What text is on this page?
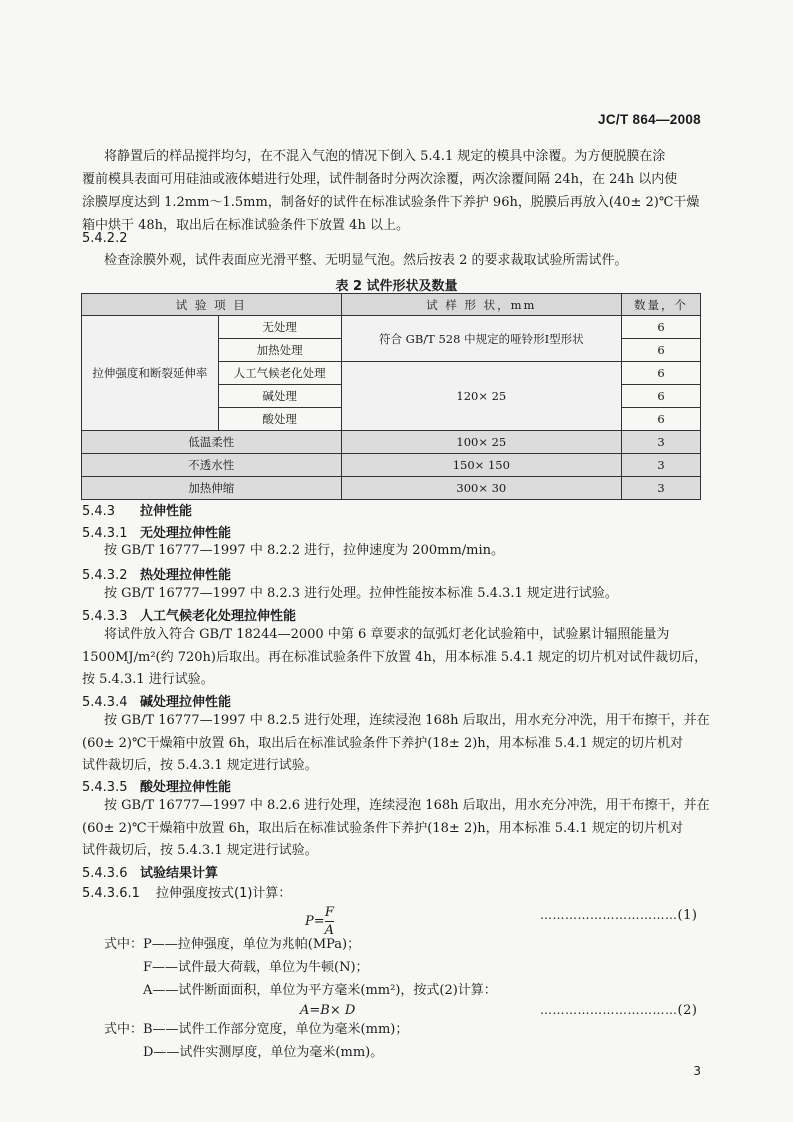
JC/T 864—2008
将静置后的样品搅拌均匀，在不混入气泡的情况下倒入 5.4.1 规定的模具中涂覆。为方便脱膜在涂
覆前模具表面可用硅油或液体蜡进行处理，试件制备时分两次涂覆，两次涂覆间隔 24h，在 24h 以内使
涂膜厚度达到 1.2mm～1.5mm，制备好的试件在标准试验条件下养护 96h，脱膜后再放入(40± 2)℃干燥
箱中烘干 48h，取出后在标准试验条件下放置 4h 以上。
5.4.2.2
检查涂膜外观，试件表面应光滑平整、无明显气泡。然后按表 2 的要求裁取试验所需试件。
表 2 试件形状及数量
试 验 项 目		试 样 形 状，mm	数量，个
拉伸强度和断裂延伸率	无处理	符合 GB/T 528 中规定的哑铃形Ⅰ型形状	6
	加热处理		6
	人工气候老化处理	120× 25	6
	碱处理		6
	酸处理		6
低温柔性		100× 25	3
不透水性		150× 150	3
加热伸缩		300× 30	3
5.4.3 拉伸性能
5.4.3.1 无处理拉伸性能
按 GB/T 16777—1997 中 8.2.2 进行，拉伸速度为 200mm/min。
5.4.3.2 热处理拉伸性能
按 GB/T 16777—1997 中 8.2.3 进行处理。拉伸性能按本标准 5.4.3.1 规定进行试验。
5.4.3.3 人工气候老化处理拉伸性能
将试件放入符合 GB/T 18244—2000 中第 6 章要求的氙弧灯老化试验箱中，试验累计辐照能量为
1500MJ/m²(约 720h)后取出。再在标准试验条件下放置 4h，用本标准 5.4.1 规定的切片机对试件裁切后，
按 5.4.3.1 进行试验。
5.4.3.4 碱处理拉伸性能
按 GB/T 16777—1997 中 8.2.5 进行处理，连续浸泡 168h 后取出，用水充分冲洗，用干布擦干，并在
(60± 2)℃干燥箱中放置 6h，取出后在标准试验条件下养护(18± 2)h，用本标准 5.4.1 规定的切片机对
试件裁切后，按 5.4.3.1 规定进行试验。
5.4.3.5 酸处理拉伸性能
按 GB/T 16777—1997 中 8.2.6 进行处理，连续浸泡 168h 后取出，用水充分冲洗，用干布擦干，并在
(60± 2)℃干燥箱中放置 6h，取出后在标准试验条件下养护(18± 2)h，用本标准 5.4.1 规定的切片机对
试件裁切后，按 5.4.3.1 规定进行试验。
5.4.3.6 试验结果计算
5.4.3.6.1 拉伸强度按式(1)计算：
$P= \frac{F}{A}$	……………………………(1)
式中：P——拉伸强度，单位为兆帕(MPa)；
F——试件最大荷载，单位为牛顿(N)；
A——试件断面面积，单位为平方毫米(mm²)，按式(2)计算：
A=B× D	……………………………(2)
式中：B——试件工作部分宽度，单位为毫米(mm)；
D——试件实测厚度，单位为毫米(mm)。
3
